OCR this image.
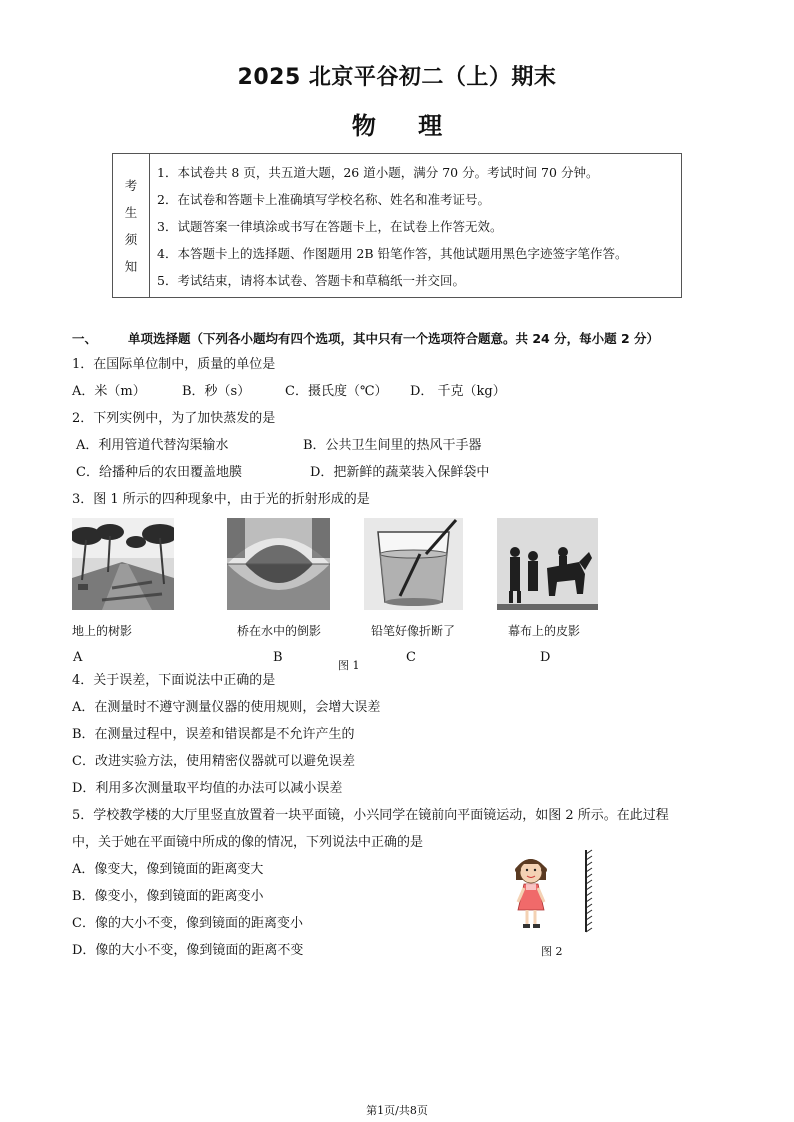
2025 北京平谷初二（上）期末
物 理
考
生
须
知
1．本试卷共 8 页，共五道大题，26 道小题，满分 70 分。考试时间 70 分钟。
2．在试卷和答题卡上准确填写学校名称、姓名和准考证号。
3．试题答案一律填涂或书写在答题卡上，在试卷上作答无效。
4．本答题卡上的选择题、作图题用 2B 铅笔作答，其他试题用黑色字迹签字笔作答。
5．考试结束，请将本试卷、答题卡和草稿纸一并交回。
一、 单项选择题（下列各小题均有四个选项，其中只有一个选项符合题意。共 24 分，每小题 2 分）
1．在国际单位制中，质量的单位是
A．米（m）	B．秒（s）	C．摄氏度（℃） D． 千克（kg）
2．下列实例中，为了加快蒸发的是
A．利用管道代替沟渠输水	B．公共卫生间里的热风干手器
C．给播种后的农田覆盖地膜	D．把新鲜的蔬菜装入保鲜袋中
3．图 1 所示的四种现象中，由于光的折射形成的是
地上的树影
A
桥在水中的倒影
B
铅笔好像折断了
C
幕布上的皮影
D
图 1
4．关于误差，下面说法中正确的是
A．在测量时不遵守测量仪器的使用规则，会增大误差
B．在测量过程中，误差和错误都是不允许产生的
C．改进实验方法，使用精密仪器就可以避免误差
D．利用多次测量取平均值的办法可以减小误差
5．学校教学楼的大厅里竖直放置着一块平面镜，小兴同学在镜前向平面镜运动，如图 2 所示。在此过程
中，关于她在平面镜中所成的像的情况，下列说法中正确的是
A．像变大，像到镜面的距离变大
B．像变小，像到镜面的距离变小
C．像的大小不变，像到镜面的距离变小
D．像的大小不变，像到镜面的距离不变	图 2
第1页/共8页
